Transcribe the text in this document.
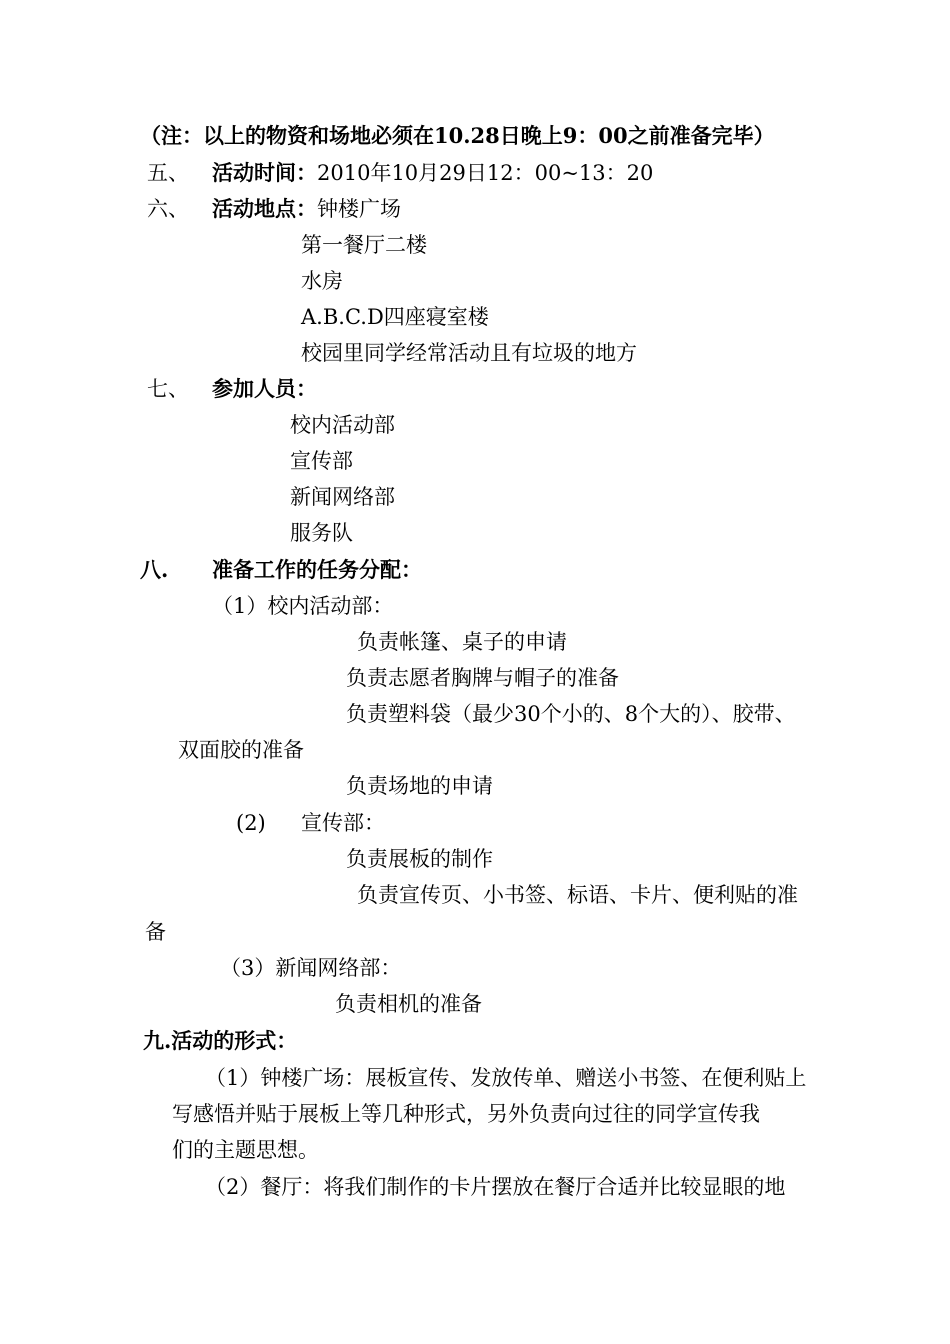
（注：以上的物资和场地必须在10.28日晚上9：00之前准备完毕）
五、 活动时间：2010年10月29日12：00~13：20
六、 活动地点：钟楼广场
第一餐厅二楼
水房
A.B.C.D四座寝室楼
校园里同学经常活动且有垃圾的地方
七、 参加人员：
校内活动部
宣传部
新闻网络部
服务队
八. 准备工作的任务分配：
（1）校内活动部：
负责帐篷、桌子的申请
负责志愿者胸牌与帽子的准备
负责塑料袋（最少30个小的、8个大的）、胶带、
双面胶的准备
负责场地的申请
(2) 宣传部：
负责展板的制作
负责宣传页、小书签、标语、卡片、便利贴的准
备
（3）新闻网络部：
负责相机的准备
九.活动的形式：
（1）钟楼广场：展板宣传、发放传单、赠送小书签、在便利贴上
写感悟并贴于展板上等几种形式，另外负责向过往的同学宣传我
们的主题思想。
（2）餐厅：将我们制作的卡片摆放在餐厅合适并比较显眼的地
